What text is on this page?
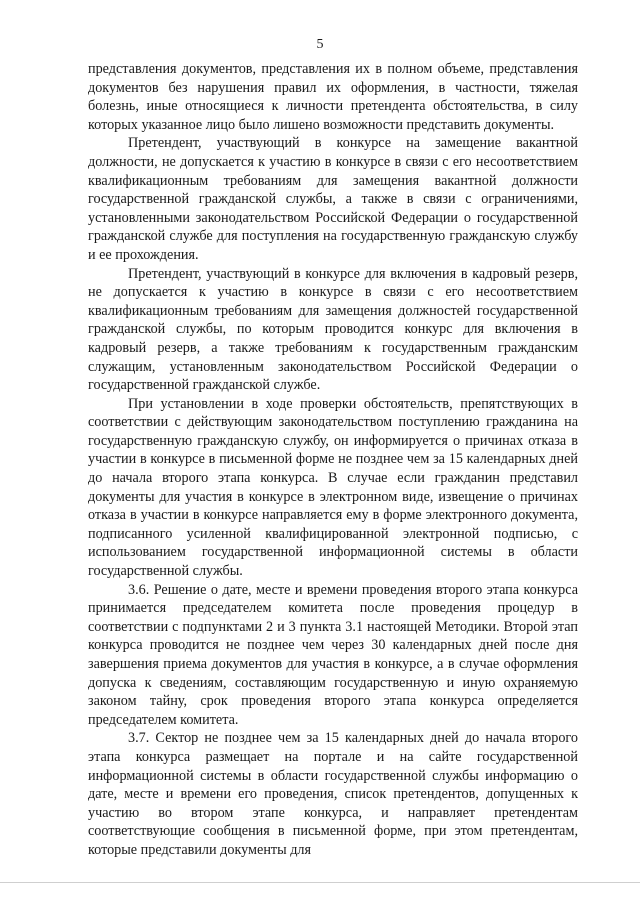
5

представления документов, представления их в полном объеме, представления документов без нарушения правил их оформления, в частности, тяжелая болезнь, иные относящиеся к личности претендента обстоятельства, в силу которых указанное лицо было лишено возможности представить документы.

Претендент, участвующий в конкурсе на замещение вакантной должности, не допускается к участию в конкурсе в связи с его несоответствием квалификационным требованиям для замещения вакантной должности государственной гражданской службы, а также в связи с ограничениями, установленными законодательством Российской Федерации о государственной гражданской службе для поступления на государственную гражданскую службу и ее прохождения.

Претендент, участвующий в конкурсе для включения в кадровый резерв, не допускается к участию в конкурсе в связи с его несоответствием квалификационным требованиям для замещения должностей государственной гражданской службы, по которым проводится конкурс для включения в кадровый резерв, а также требованиям к государственным гражданским служащим, установленным законодательством Российской Федерации о государственной гражданской службе.

При установлении в ходе проверки обстоятельств, препятствующих в соответствии с действующим законодательством поступлению гражданина на государственную гражданскую службу, он информируется о причинах отказа в участии в конкурсе в письменной форме не позднее чем за 15 календарных дней до начала второго этапа конкурса. В случае если гражданин представил документы для участия в конкурсе в электронном виде, извещение о причинах отказа в участии в конкурсе направляется ему в форме электронного документа, подписанного усиленной квалифицированной электронной подписью, с использованием государственной информационной системы в области государственной службы.

3.6. Решение о дате, месте и времени проведения второго этапа конкурса принимается председателем комитета после проведения процедур в соответствии с подпунктами 2 и 3 пункта 3.1 настоящей Методики. Второй этап конкурса проводится не позднее чем через 30 календарных дней после дня завершения приема документов для участия в конкурсе, а в случае оформления допуска к сведениям, составляющим государственную и иную охраняемую законом тайну, срок проведения второго этапа конкурса определяется председателем комитета.

3.7. Сектор не позднее чем за 15 календарных дней до начала второго этапа конкурса размещает на портале и на сайте государственной информационной системы в области государственной службы информацию о дате, месте и времени его проведения, список претендентов, допущенных к участию во втором этапе конкурса, и направляет претендентам соответствующие сообщения в письменной форме, при этом претендентам, которые представили документы для
